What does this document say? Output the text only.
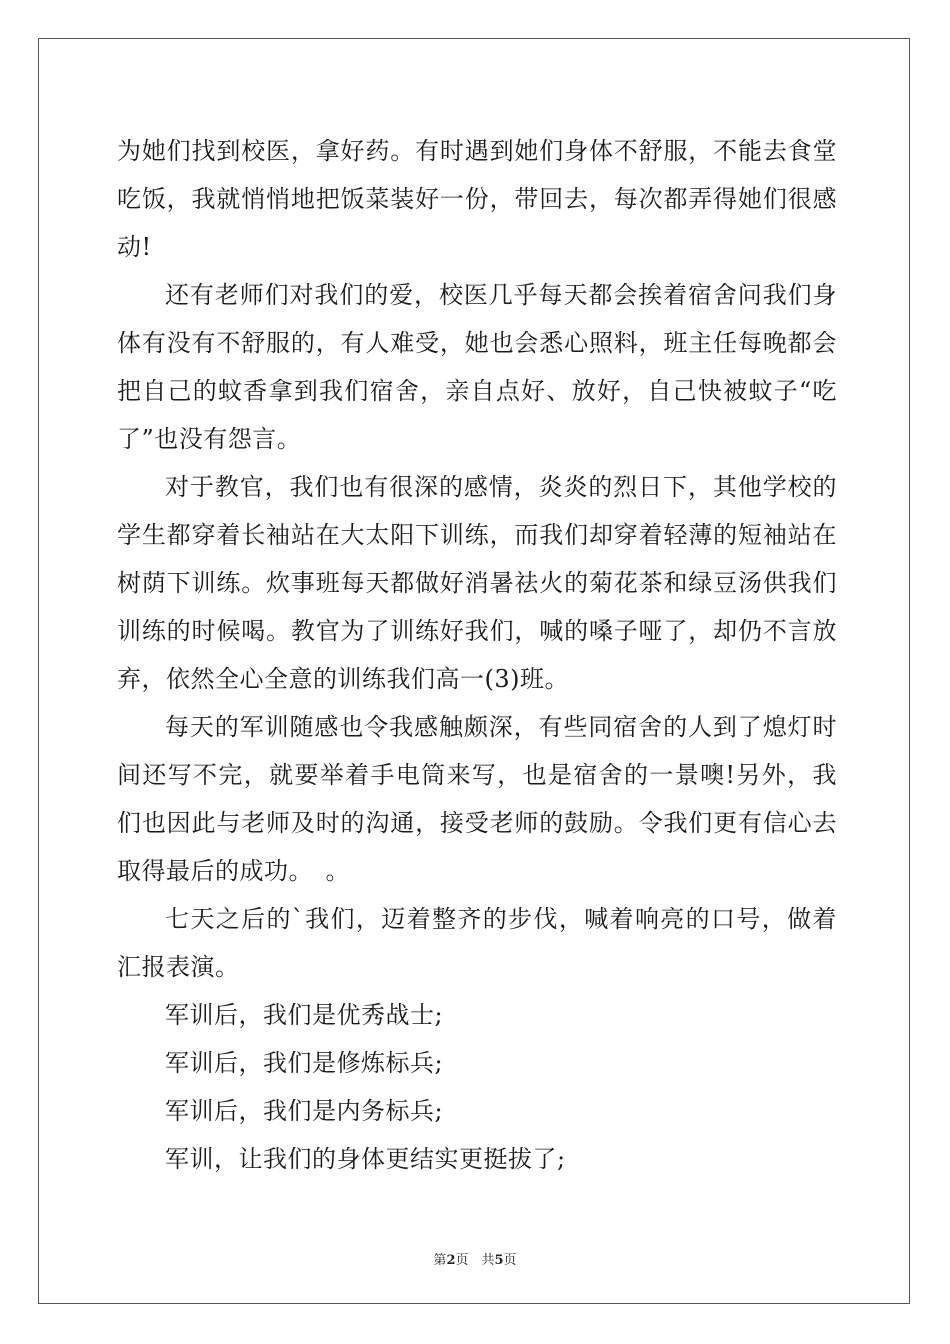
为她们找到校医，拿好药。有时遇到她们身体不舒服，不能去食堂吃饭，我就悄悄地把饭菜装好一份，带回去，每次都弄得她们很感动!

还有老师们对我们的爱，校医几乎每天都会挨着宿舍问我们身体有没有不舒服的，有人难受，她也会悉心照料，班主任每晚都会把自己的蚊香拿到我们宿舍，亲自点好、放好，自己快被蚊子“吃了”也没有怨言。

对于教官，我们也有很深的感情，炎炎的烈日下，其他学校的学生都穿着长袖站在大太阳下训练，而我们却穿着轻薄的短袖站在树荫下训练。炊事班每天都做好消暑祛火的菊花茶和绿豆汤供我们训练的时候喝。教官为了训练好我们，喊的嗓子哑了，却仍不言放弃，依然全心全意的训练我们高一(3)班。

每天的军训随感也令我感触颇深，有些同宿舍的人到了熄灯时间还写不完，就要举着手电筒来写，也是宿舍的一景噢!另外，我们也因此与老师及时的沟通，接受老师的鼓励。令我们更有信心去取得最后的成功。　。

七天之后的`我们，迈着整齐的步伐，喊着响亮的口号，做着汇报表演。

军训后，我们是优秀战士;

军训后，我们是修炼标兵;

军训后，我们是内务标兵;

军训，让我们的身体更结实更挺拔了;

第2页　共5页
